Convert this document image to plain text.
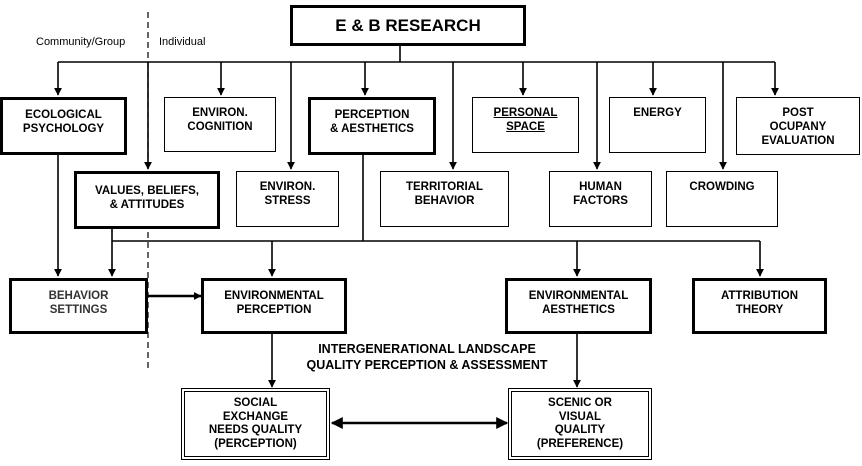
E & B RESEARCH
Community/Group	Individual
ECOLOGICAL
PSYCHOLOGY
ENVIRON.
COGNITION
PERCEPTION
& AESTHETICS
PERSONAL
SPACE
ENERGY	POST
OCUPANY
EVALUATION
VALUES, BELIEFS,
& ATTITUDES
ENVIRON.
STRESS
TERRITORIAL
BEHAVIOR
HUMAN
FACTORS
CROWDING
BEHAVIOR
SETTINGS
ENVIRONMENTAL
PERCEPTION
ENVIRONMENTAL
AESTHETICS
ATTRIBUTION
THEORY
INTERGENERATIONAL LANDSCAPE
QUALITY PERCEPTION & ASSESSMENT
SOCIAL
EXCHANGE
NEEDS QUALITY
(PERCEPTION)
SCENIC OR
VISUAL
QUALITY
(PREFERENCE)
